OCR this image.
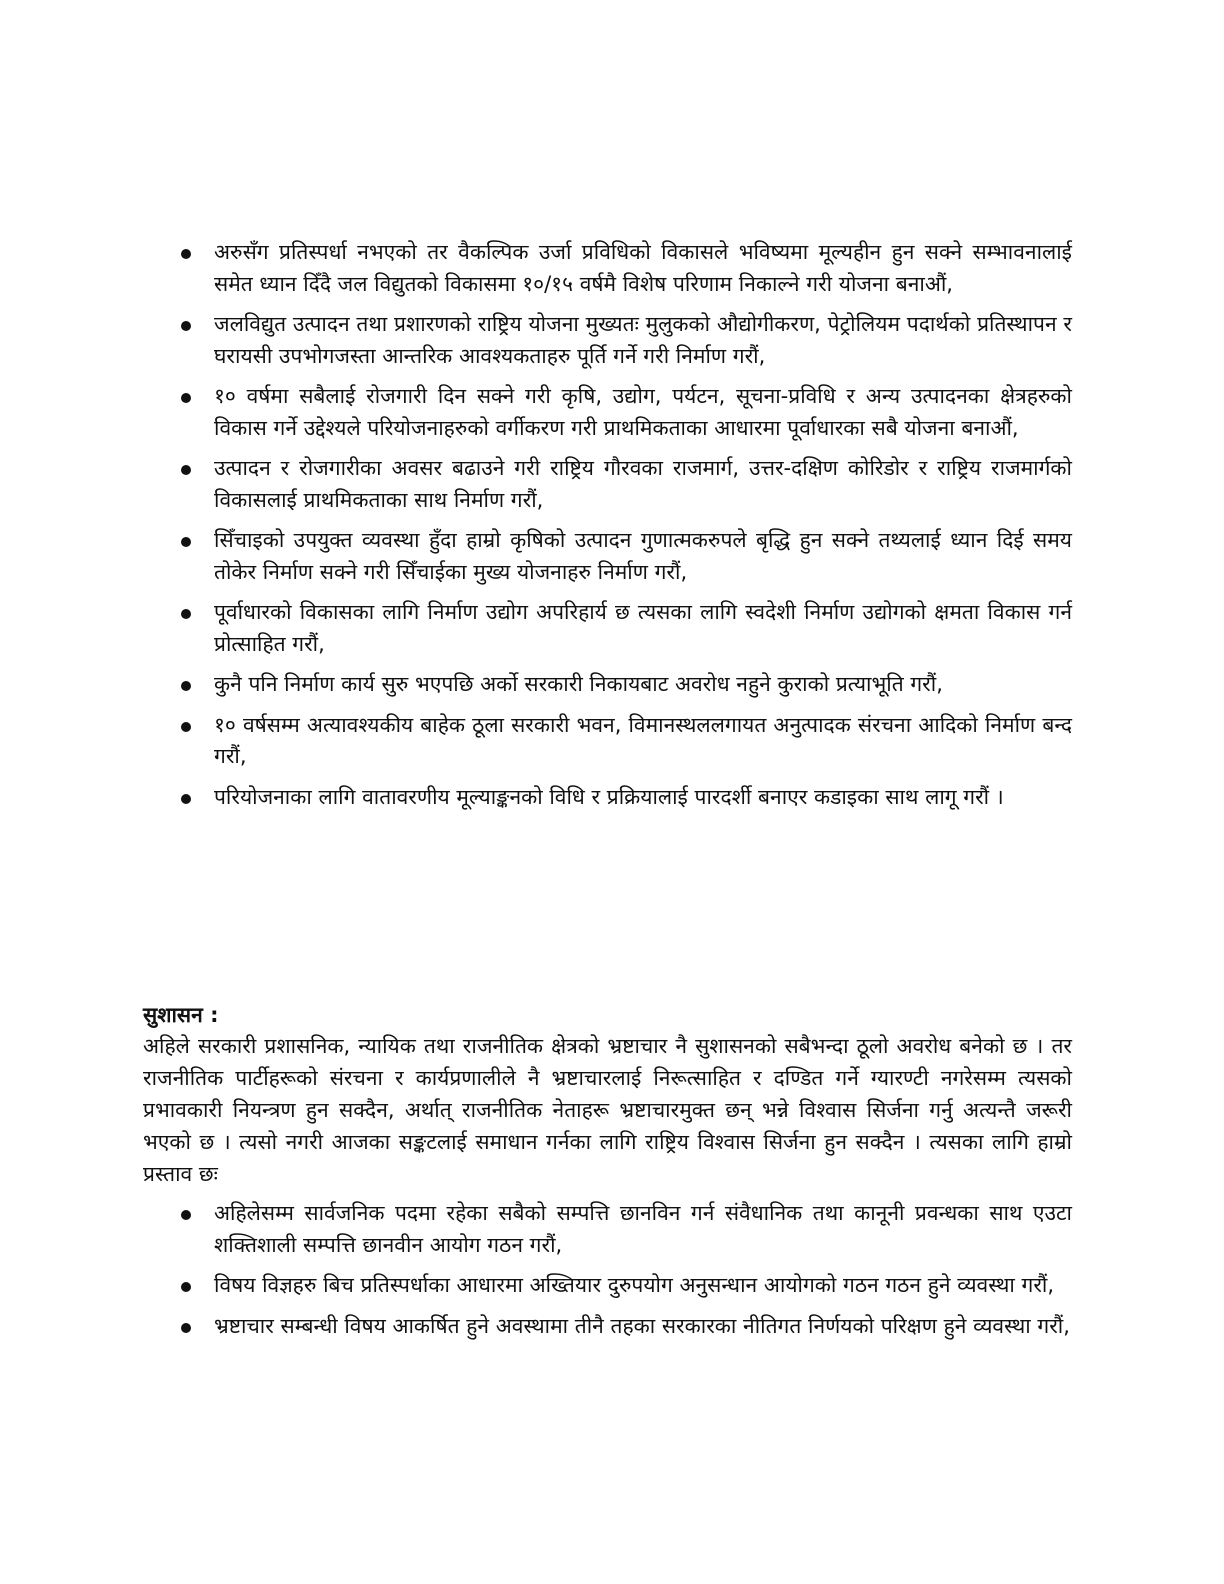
अरुसँग प्रतिस्पर्धा नभएको तर वैकल्पिक उर्जा प्रविधिको विकासले भविष्यमा मूल्यहीन हुन सक्ने सम्भावनालाई समेत ध्यान दिँदै जल विद्युतको विकासमा १०/१५ वर्षमै विशेष परिणाम निकाल्ने गरी योजना बनाऔं,
जलविद्युत उत्पादन तथा प्रशारणको राष्ट्रिय योजना मुख्यतः मुलुकको औद्योगीकरण, पेट्रोलियम पदार्थको प्रतिस्थापन र घरायसी उपभोगजस्ता आन्तरिक आवश्यकताहरु पूर्ति गर्ने गरी निर्माण गरौं,
१० वर्षमा सबैलाई रोजगारी दिन सक्ने गरी कृषि, उद्योग, पर्यटन, सूचना-प्रविधि र अन्य उत्पादनका क्षेत्रहरुको विकास गर्ने उद्देश्यले परियोजनाहरुको वर्गीकरण गरी प्राथमिकताका आधारमा पूर्वाधारका सबै योजना बनाऔं,
उत्पादन र रोजगारीका अवसर बढाउने गरी राष्ट्रिय गौरवका राजमार्ग, उत्तर-दक्षिण कोरिडोर र राष्ट्रिय राजमार्गको विकासलाई प्राथमिकताका साथ निर्माण गरौं,
सिँचाइको उपयुक्त व्यवस्था हुँदा हाम्रो कृषिको उत्पादन गुणात्मकरुपले बृद्धि हुन सक्ने तथ्यलाई ध्यान दिई समय तोकेर निर्माण सक्ने गरी सिँचाईका मुख्य योजनाहरु निर्माण गरौं,
पूर्वाधारको विकासका लागि निर्माण उद्योग अपरिहार्य छ त्यसका लागि स्वदेशी निर्माण उद्योगको क्षमता विकास गर्न प्रोत्साहित गरौं,
कुनै पनि निर्माण कार्य सुरु भएपछि अर्को सरकारी निकायबाट अवरोध नहुने कुराको प्रत्याभूति गरौं,
१० वर्षसम्म अत्यावश्यकीय बाहेक ठूला सरकारी भवन, विमानस्थललगायत अनुत्पादक संरचना आदिको निर्माण बन्द गरौं,
परियोजनाका लागि वातावरणीय मूल्याङ्कनको विधि र प्रक्रियालाई पारदर्शी बनाएर कडाइका साथ लागू गरौं ।
सुशासन :

अहिले सरकारी प्रशासनिक, न्यायिक तथा राजनीतिक क्षेत्रको भ्रष्टाचार नै सुशासनको सबैभन्दा ठूलो अवरोध बनेको छ । तर राजनीतिक पार्टीहरूको संरचना र कार्यप्रणालीले नै भ्रष्टाचारलाई निरूत्साहित र दण्डित गर्ने ग्यारण्टी नगरेसम्म त्यसको प्रभावकारी नियन्त्रण हुन सक्दैन, अर्थात् राजनीतिक नेताहरू भ्रष्टाचारमुक्त छन् भन्ने विश्वास सिर्जना गर्नु अत्यन्तै जरूरी भएको छ । त्यसो नगरी आजका सङ्कटलाई समाधान गर्नका लागि राष्ट्रिय विश्वास सिर्जना हुन सक्दैन । त्यसका लागि हाम्रो प्रस्ताव छः

अहिलेसम्म सार्वजनिक पदमा रहेका सबैको सम्पत्ति छानविन गर्न संवैधानिक तथा कानूनी प्रवन्धका साथ एउटा शक्तिशाली सम्पत्ति छानवीन आयोग गठन गरौं,
विषय विज्ञहरु बिच प्रतिस्पर्धाका आधारमा अख्तियार दुरुपयोग अनुसन्धान आयोगको गठन गठन हुने व्यवस्था गरौं,
भ्रष्टाचार सम्बन्धी विषय आकर्षित हुने अवस्थामा तीनै तहका सरकारका नीतिगत निर्णयको परिक्षण हुने व्यवस्था गरौं,
